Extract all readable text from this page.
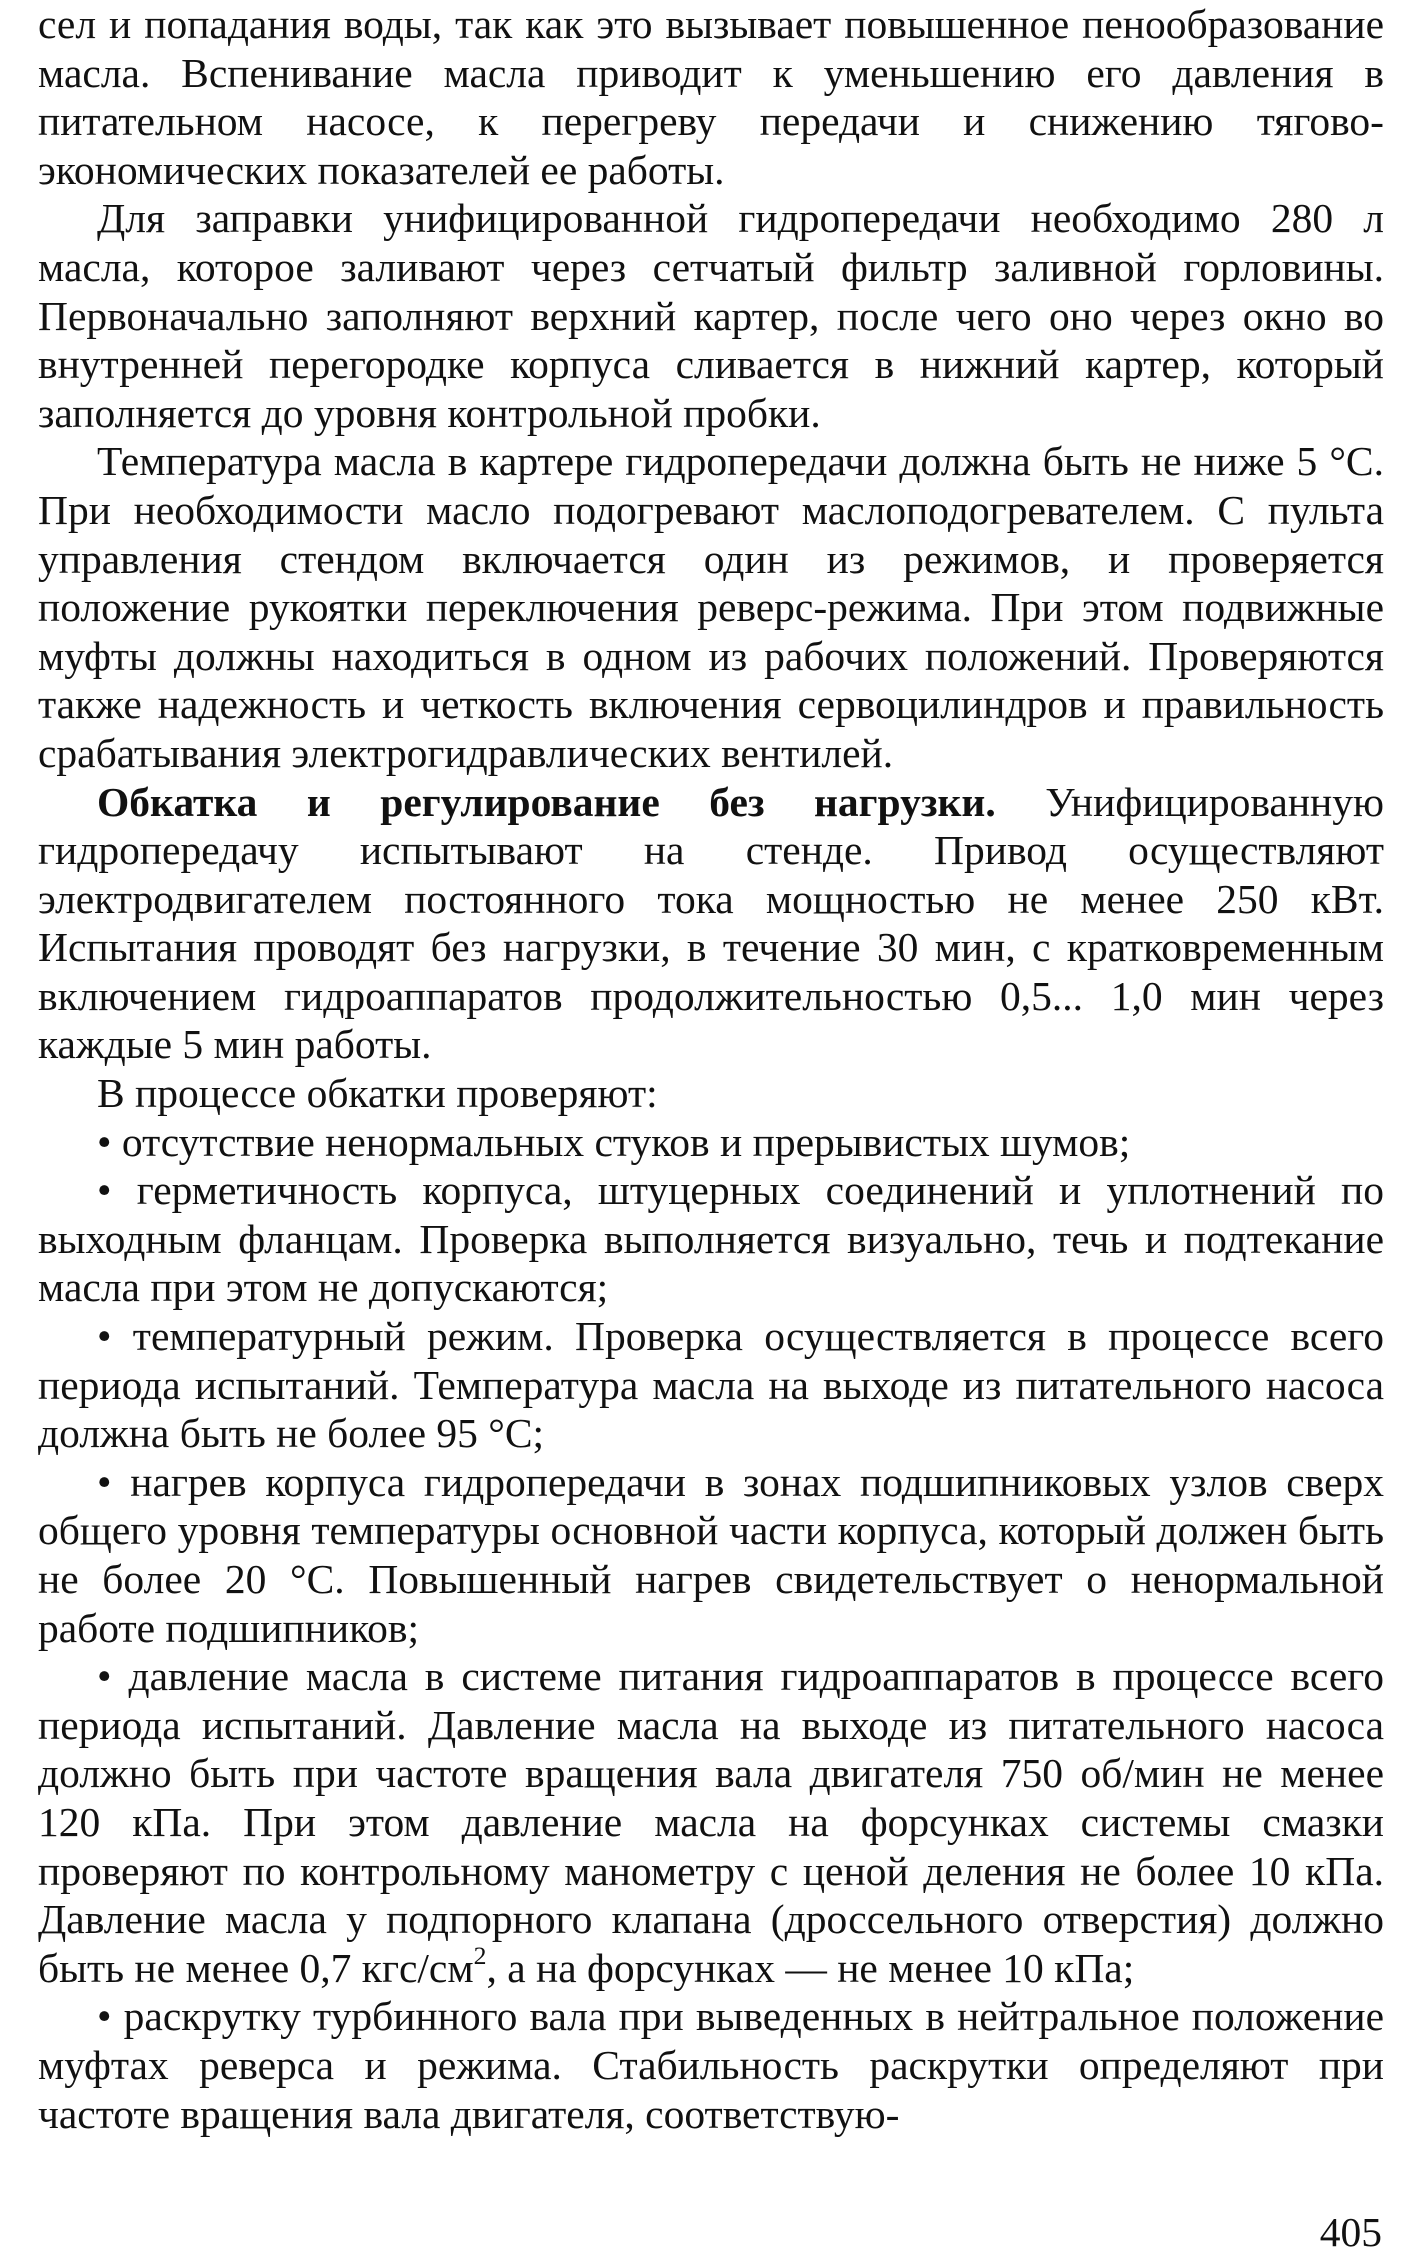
сел и попадания воды, так как это вызывает повышенное пенообразование масла. Вспенивание масла приводит к уменьшению его давления в питательном насосе, к перегреву передачи и снижению тягово-экономических показателей ее работы.

Для заправки унифицированной гидропередачи необходимо 280 л масла, которое заливают через сетчатый фильтр заливной горловины. Первоначально заполняют верхний картер, после чего оно через окно во внутренней перегородке корпуса сливается в нижний картер, который заполняется до уровня контрольной пробки.

Температура масла в картере гидропередачи должна быть не ниже 5 °С. При необходимости масло подогревают маслоподогревателем. С пульта управления стендом включается один из режимов, и проверяется положение рукоятки переключения реверс-режима. При этом подвижные муфты должны находиться в одном из рабочих положений. Проверяются также надежность и четкость включения сервоцилиндров и правильность срабатывания электрогидравлических вентилей.

Обкатка и регулирование без нагрузки. Унифицированную гидропередачу испытывают на стенде. Привод осуществляют электродвигателем постоянного тока мощностью не менее 250 кВт. Испытания проводят без нагрузки, в течение 30 мин, с кратковременным включением гидроаппаратов продолжительностью 0,5... 1,0 мин через каждые 5 мин работы.

В процессе обкатки проверяют:

• отсутствие ненормальных стуков и прерывистых шумов;

• герметичность корпуса, штуцерных соединений и уплотнений по выходным фланцам. Проверка выполняется визуально, течь и подтекание масла при этом не допускаются;

• температурный режим. Проверка осуществляется в процессе всего периода испытаний. Температура масла на выходе из питательного насоса должна быть не более 95 °С;

• нагрев корпуса гидропередачи в зонах подшипниковых узлов сверх общего уровня температуры основной части корпуса, который должен быть не более 20 °С. Повышенный нагрев свидетельствует о ненормальной работе подшипников;

• давление масла в системе питания гидроаппаратов в процессе всего периода испытаний. Давление масла на выходе из питательного насоса должно быть при частоте вращения вала двигателя 750 об/мин не менее 120 кПа. При этом давление масла на форсунках системы смазки проверяют по контрольному манометру с ценой деления не более 10 кПа. Давление масла у подпорного клапана (дроссельного отверстия) должно быть не менее 0,7 кгс/$см^2$, а на форсунках — не менее 10 кПа;

• раскрутку турбинного вала при выведенных в нейтральное положение муфтах реверса и режима. Стабильность раскрутки определяют при частоте вращения вала двигателя, соответствую-

405
